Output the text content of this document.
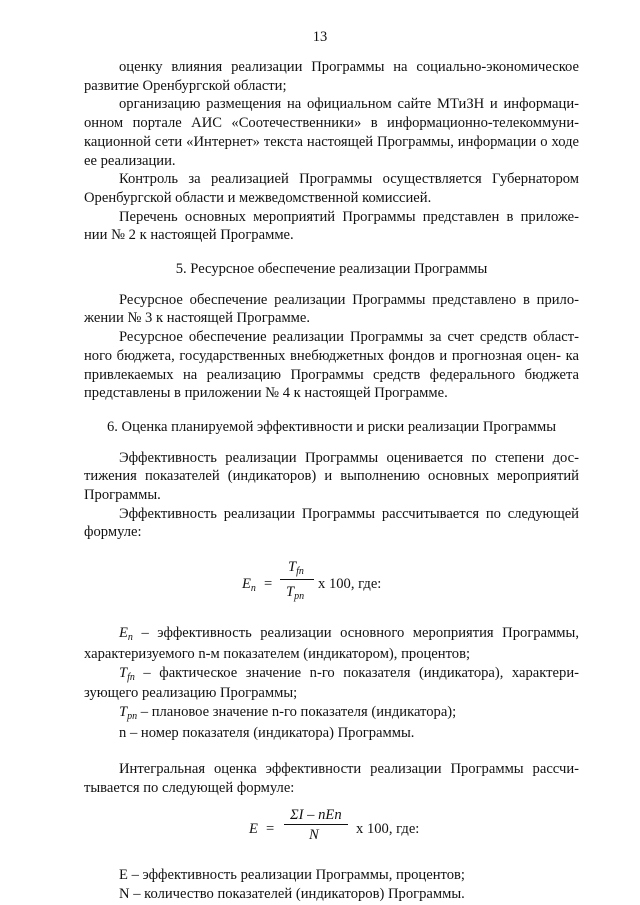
13

оценку влияния реализации Программы на социально-экономическое развитие Оренбургской области;

организацию размещения на официальном сайте МТиЗН и информаци- онном портале АИС «Соотечественники» в информационно-телекоммуни- кационной сети «Интернет» текста настоящей Программы, информации о ходе ее реализации.

Контроль за реализацией Программы осуществляется Губернатором Оренбургской области и межведомственной комиссией.

Перечень основных мероприятий Программы представлен в приложе- нии № 2 к настоящей Программе.

5. Ресурсное обеспечение реализации Программы

Ресурсное обеспечение реализации Программы представлено в прило- жении № 3 к настоящей Программе.

Ресурсное обеспечение реализации Программы за счет средств област- ного бюджета, государственных внебюджетных фондов и прогнозная оцен- ка привлекаемых на реализацию Программы средств федерального бюджета представлены в приложении № 4 к настоящей Программе.

6. Оценка планируемой эффективности и риски реализации Программы

Эффективность реализации Программы оценивается по степени дос- тижения показателей (индикаторов) и выполнению основных мероприятий Программы.

Эффективность реализации Программы рассчитывается по следующей формуле:

$E_n$ =
$T_{fn}$
$T_{pn}$
х 100, где:

$E_n$ – эффективность реализации основного мероприятия Программы, характеризуемого n-м показателем (индикатором), процентов;

$T_{fn}$ – фактическое значение n-го показателя (индикатора), характери- зующего реализацию Программы;

$T_{pn}$ – плановое значение n-го показателя (индикатора);

n – номер показателя (индикатора) Программы.

Интегральная оценка эффективности реализации Программы рассчи- тывается по следующей формуле:

E =
ΣI – nEn
N	х 100, где:

Е – эффективность реализации Программы, процентов;

N – количество показателей (индикаторов) Программы.
